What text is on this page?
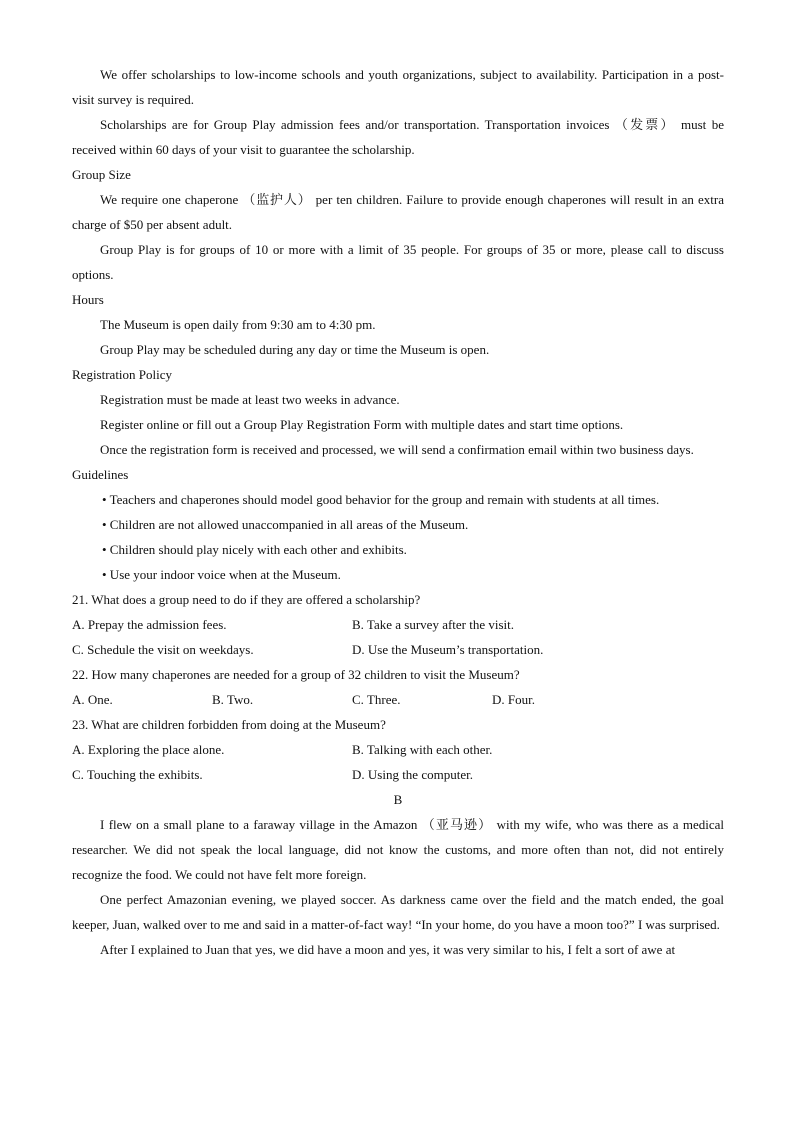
We offer scholarships to low-income schools and youth organizations, subject to availability. Participation in a post-visit survey is required.

Scholarships are for Group Play admission fees and/or transportation. Transportation invoices （发票） must be received within 60 days of your visit to guarantee the scholarship.

Group Size

We require one chaperone （监护人） per ten children. Failure to provide enough chaperones will result in an extra charge of $50 per absent adult.

Group Play is for groups of 10 or more with a limit of 35 people. For groups of 35 or more, please call to discuss options.

Hours

The Museum is open daily from 9:30 am to 4:30 pm.

Group Play may be scheduled during any day or time the Museum is open.

Registration Policy

Registration must be made at least two weeks in advance.

Register online or fill out a Group Play Registration Form with multiple dates and start time options.

Once the registration form is received and processed, we will send a confirmation email within two business days.

Guidelines

• Teachers and chaperones should model good behavior for the group and remain with students at all times.

• Children are not allowed unaccompanied in all areas of the Museum.

• Children should play nicely with each other and exhibits.

• Use your indoor voice when at the Museum.

21. What does a group need to do if they are offered a scholarship?

A. Prepay the admission fees.	B. Take a survey after the visit.
C. Schedule the visit on weekdays.	D. Use the Museum’s transportation.

22. How many chaperones are needed for a group of 32 children to visit the Museum?

A. One.	B. Two.	C. Three.	D. Four.

23. What are children forbidden from doing at the Museum?

A. Exploring the place alone.	B. Talking with each other.
C. Touching the exhibits.	D. Using the computer.

B

I flew on a small plane to a faraway village in the Amazon （亚马逊） with my wife, who was there as a medical researcher. We did not speak the local language, did not know the customs, and more often than not, did not entirely recognize the food. We could not have felt more foreign.

One perfect Amazonian evening, we played soccer. As darkness came over the field and the match ended, the goal keeper, Juan, walked over to me and said in a matter-of-fact way! “In your home, do you have a moon too?” I was surprised.

After I explained to Juan that yes, we did have a moon and yes, it was very similar to his, I felt a sort of awe at
